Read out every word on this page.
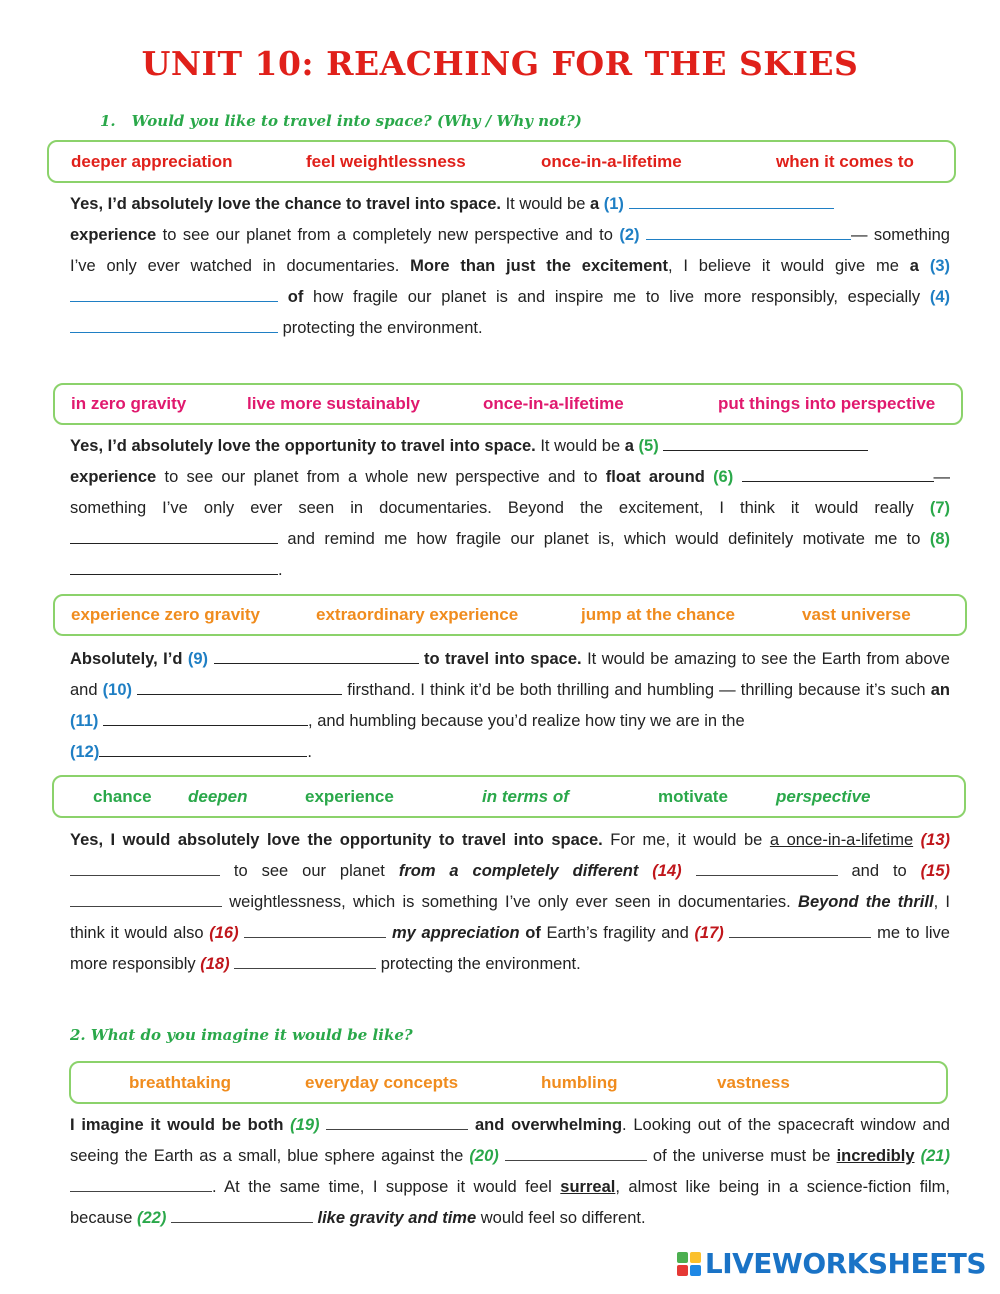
UNIT 10: REACHING FOR THE SKIES
1. Would you like to travel into space? (Why / Why not?)
deeper appreciation	feel weightlessness	once-in-a-lifetime	when it comes to
Yes, I’d absolutely love the chance to travel into space. It would be a (1)
experience to see our planet from a completely new perspective and to (2)	— something I’ve only ever watched in documentaries. More than just the excitement, I believe it would give me a (3) of how fragile our planet is and inspire me to live more responsibly, especially (4) protecting the environment.
in zero gravity	live more sustainably	once-in-a-lifetime	put things into perspective
Yes, I’d absolutely love the opportunity to travel into space. It would be a (5)
experience to see our planet from a whole new perspective and to float around (6)	— something I’ve only ever seen in documentaries. Beyond the excitement, I think it would really (7) and remind me how fragile our planet is, which would definitely motivate me to (8).
experience zero gravity	extraordinary experience	jump at the chance	vast universe
Absolutely, I’d (9)	to travel into space. It would be amazing to see the Earth from above and (10)	firsthand. I think it’d be both thrilling and humbling — thrilling because it’s such an (11)	, and humbling because you’d realize how tiny we are in the
(12)	.
chance deepen	experience	in terms of	motivate	perspective
Yes, I would absolutely love the opportunity to travel into space. For me, it would be a once-in-a-lifetime (13) to see our planet from a completely different (14)	and to (15) weightlessness, which is something I’ve only ever seen in documentaries. Beyond the thrill, I think it would also (16)	my appreciation of Earth’s fragility and (17)	me to live more responsibly (18)	protecting the environment.
2. What do you imagine it would be like?
breathtaking	everyday concepts	humbling	vastness
I imagine it would be both (19)	and overwhelming. Looking out of the spacecraft window and seeing the Earth as a small, blue sphere against the (20)	of the universe must be incredibly (21) . At the same time, I suppose it would feel surreal, almost like being in a science-fiction film, because (22)	like gravity and time would feel so different.
LIVEWORKSHEETS
